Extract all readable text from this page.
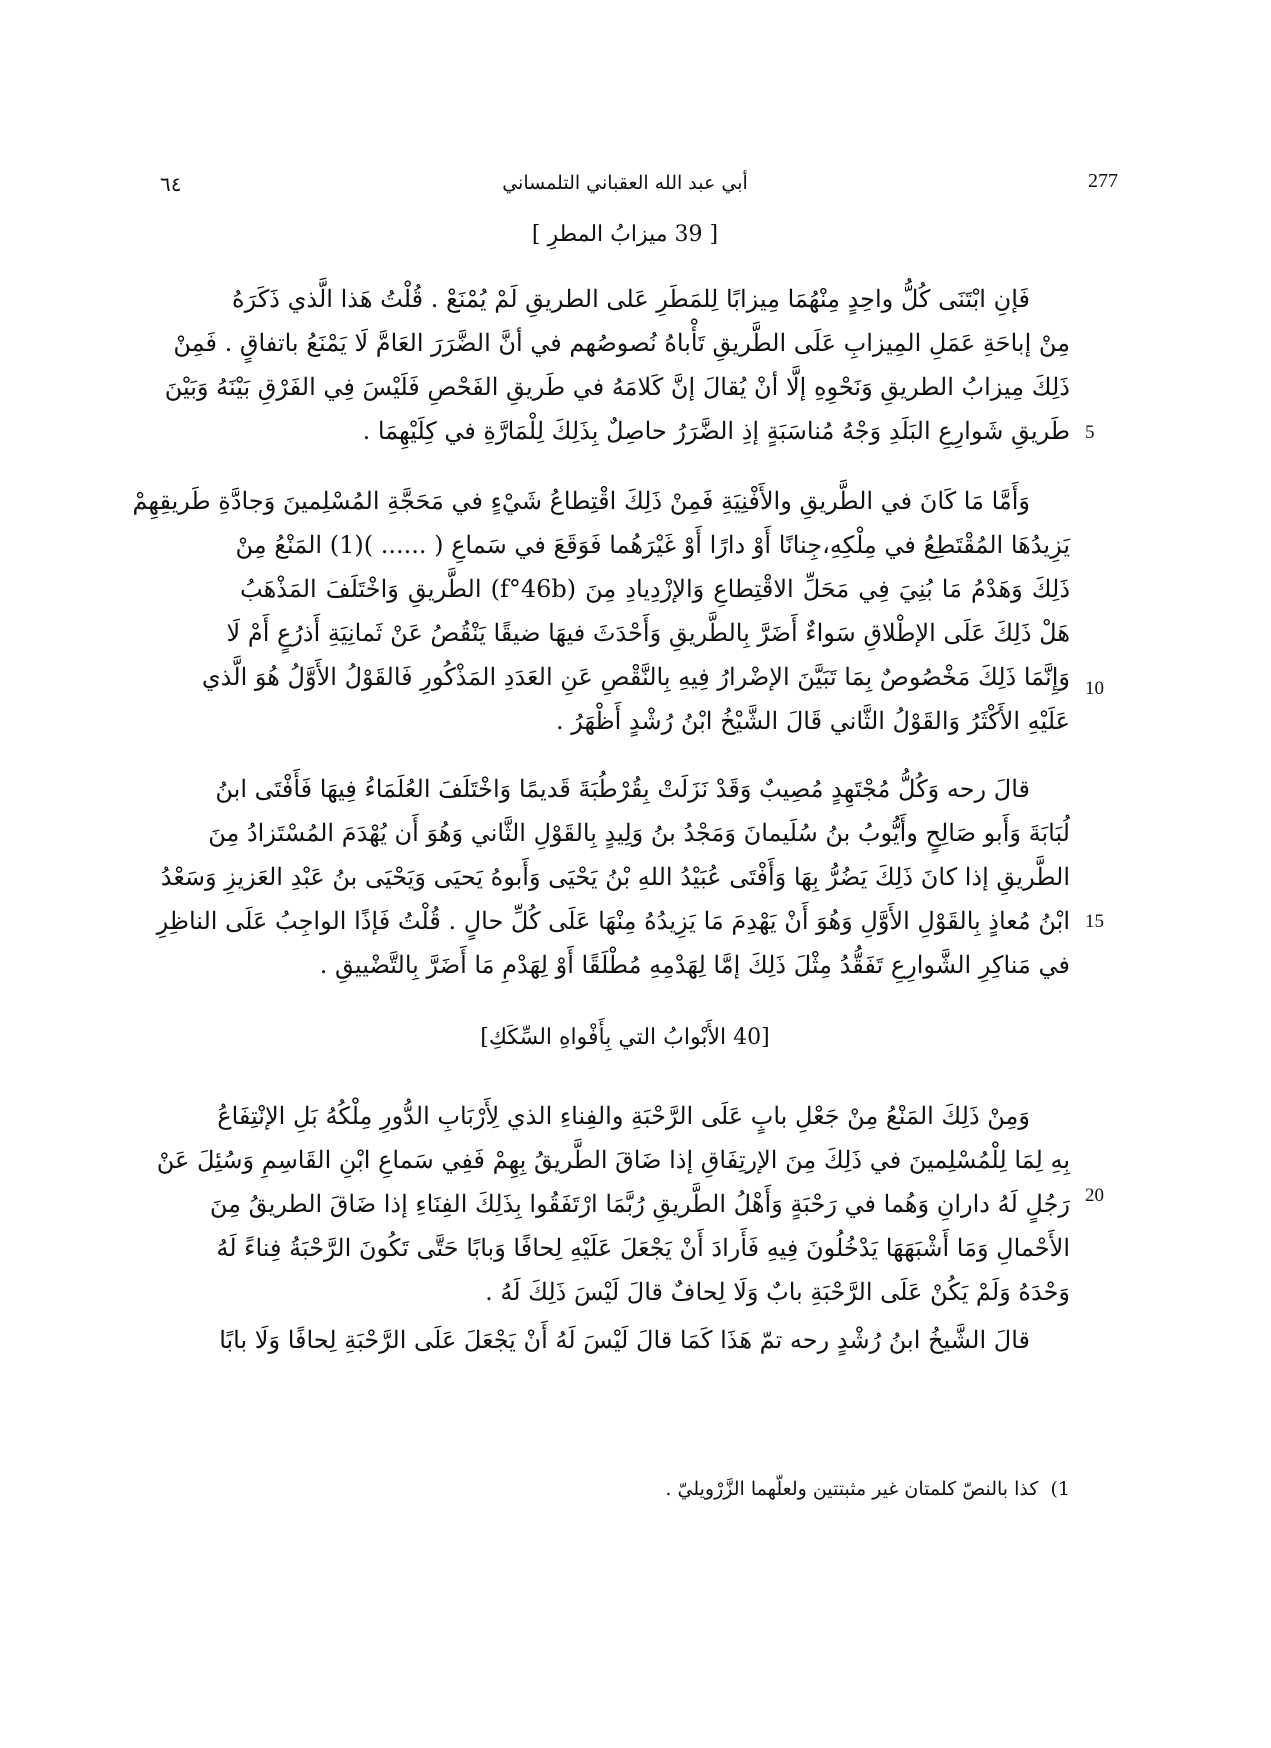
277
أبي عبد الله العقباني التلمساني
٦٤
[ 39 ميزابُ المطرِ ]
فَإنِ ابْتَنَى كُلُّ واحِدٍ مِنْهُمَا مِيزابًا لِلمَطَرِ عَلى الطريقِ لَمْ يُمْنَعْ . قُلْتُ هَذا الَّذي ذَكَرَهُ
مِنْ إباحَةِ عَمَلِ المِيزابِ عَلَى الطَّريقِ تَأْباهُ نُصوصُهم في أنَّ الضَّرَرَ العَامَّ لَا يَمْنَعُ باتفاقٍ . فَمِنْ
ذَلِكَ مِيزابُ الطريقِ وَنَحْوِهِ إلَّا أنْ يُقالَ إنَّ كَلامَهُ في طَريقِ الفَحْصِ فَلَيْسَ فِي الفَرْقِ بَيْنَهُ وَبَيْنَ
طَريقِ شَوارِعِ البَلَدِ وَجْهُ مُناسَبَةٍ إذِ الضَّرَرُ حاصِلٌ بِذَلِكَ لِلْمَارَّةِ في كِلَيْهِمَا . 5
وَأَمَّا مَا كَانَ في الطَّريقِ والأَفْنِيَةِ فَمِنْ ذَلِكَ اقْتِطاعُ شَيْءٍ في مَحَجَّةِ المُسْلِمينَ وَجادَّةِ طَريقِهِمْ
يَزِيدُهَا المُقْتَطِعُ في مِلْكِهِ،جِنانًا أَوْ دارًا أَوْ غَيْرَهُما فَوَقَعَ في سَماعِ ( ...... )(1) المَنْعُ مِنْ
ذَلِكَ وَهَدْمُ مَا بُنِيَ فِي مَحَلِّ الاقْتِطاعِ وَالإزْدِيادِ مِنَ (f°46b) الطَّريقِ وَاخْتَلَفَ المَذْهَبُ
هَلْ ذَلِكَ عَلَى الإطْلاقِ سَواءٌ أَضَرَّ بِالطَّريقِ وَأَحْدَثَ فيهَا ضيقًا يَنْقُصُ عَنْ ثَمانِيَةِ أَذرُعٍ أَمْ لَا
وَإِنَّمَا ذَلِكَ مَخْصُوصٌ بِمَا تَبَيَّنَ الإضْرارُ فِيهِ بِالنَّقْصِ عَنِ العَدَدِ المَذْكُورِ فَالقَوْلُ الأَوَّلُ هُوَ الَّذي
عَلَيْهِ الأَكْثَرُ وَالقَوْلُ الثَّاني قَالَ الشَّيْخُ ابْنُ رُشْدٍ أَظْهَرُ .
10
قالَ رحه وَكُلُّ مُجْتَهِدٍ مُصِيبٌ وَقَدْ نَزَلَتْ بِقُرْطُبَةَ قَديمًا وَاخْتَلَفَ العُلَمَاءُ فِيهَا فَأَفْتَى ابنُ
لُبَابَةَ وَأَبو صَالِحٍ وأَيُّوبُ بنُ سُلَيمانَ وَمَجْدُ بنُ وَلِيدٍ بِالقَوْلِ الثَّاني وَهُوَ أَن يُهْدَمَ المُسْتَزادُ مِنَ
الطَّريقِ إذا كانَ ذَلِكَ يَضُرُّ بِهَا وَأَفْتَى عُبَيْدُ اللهِ بْنُ يَحْيَى وَأَبوهُ يَحيَى وَيَحْيَى بنُ عَبْدِ العَزيزِ وَسَعْدُ
ابْنُ مُعاذٍ بِالقَوْلِ الأَوَّلِ وَهُوَ أَنْ يَهْدِمَ مَا يَزِيدُهُ مِنْهَا عَلَى كُلِّ حالٍ . قُلْتُ فَإذًا الواجِبُ عَلَى الناظِرِ
في مَناكِرِ الشَّوارِعِ تَفَقُّدُ مِثْلَ ذَلِكَ إمَّا لِهَدْمِهِ مُطْلَقًا أَوْ لِهَدْمِ مَا أَضَرَّ بِالتَّضْييقِ .
15
[40 الأَبْوابُ التي بِأَفْواهِ السِّكَكِ]
وَمِنْ ذَلِكَ المَنْعُ مِنْ جَعْلِ بابٍ عَلَى الرَّحْبَةِ والفِناءِ الذي لِأَرْبَابِ الدُّورِ مِلْكُهُ بَلِ الإنْتِفَاعُ
بِهِ لِمَا لِلْمُسْلِمينَ في ذَلِكَ مِنَ الإرتِفَاقِ إذا ضَاقَ الطَّريقُ بِهِمْ فَفِي سَماعِ ابْنِ القَاسِمِ وَسُئِلَ عَنْ
رَجُلٍ لَهُ دارانِ وَهُما في رَحْبَةٍ وَأَهْلُ الطَّريقِ رُبَّمَا ارْتَفَقُوا بِذَلِكَ الفِنَاءِ إذا ضَاقَ الطريقُ مِنَ
الأَحْمالِ وَمَا أَشْبَهَهَا يَدْخُلُونَ فِيهِ فَأَرادَ أَنْ يَجْعَلَ عَلَيْهِ لِحافًا وَبابًا حَتَّى تَكُونَ الرَّحْبَةُ فِناءً لَهُ
وَحْدَهُ وَلَمْ يَكُنْ عَلَى الرَّحْبَةِ بابٌ وَلَا لِحافٌ قالَ لَيْسَ ذَلِكَ لَهُ .
20
قالَ الشَّيخُ ابنُ رُشْدٍ رحه تمّ هَذَا كَمَا قالَ لَيْسَ لَهُ أَنْ يَجْعَلَ عَلَى الرَّحْبَةِ لِحافًا وَلَا بابًا
1) كذا بالنصّ كلمتان غير مثبتتين ولعلّهما الزَّرْويليّ .
